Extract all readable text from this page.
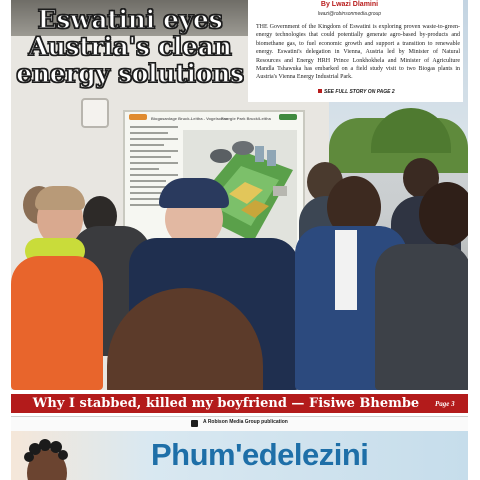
Biogasanlage Bruck-Leitha - Vogelschau
Energie Park Bruck/Leitha
Eswatini eyes Austria's clean energy solutions
By Lwazi Dlamini
lwazi@robinsonmedia.group

THE Government of the Kingdom of Eswatini is exploring proven waste-to-green-energy technologies that could potentially generate agro-based by-products and biomethane gas, to fuel economic growth and support a transition to renewable energy. Eswatini's delegation in Vienna, Austria led by Minister of Natural Resources and Energy HRH Prince Lonkhokhela and Minister of Agriculture Mandla Tshawuka has embarked on a field study visit to two Biogas plants in Austria's Vienna Energy Industrial Park.

SEE FULL STORY ON PAGE 2
Why I stabbed, killed my boyfriend — Fisiwe Bhembe	Page 3
A Robison Media Group publication
Phum'edelezini
